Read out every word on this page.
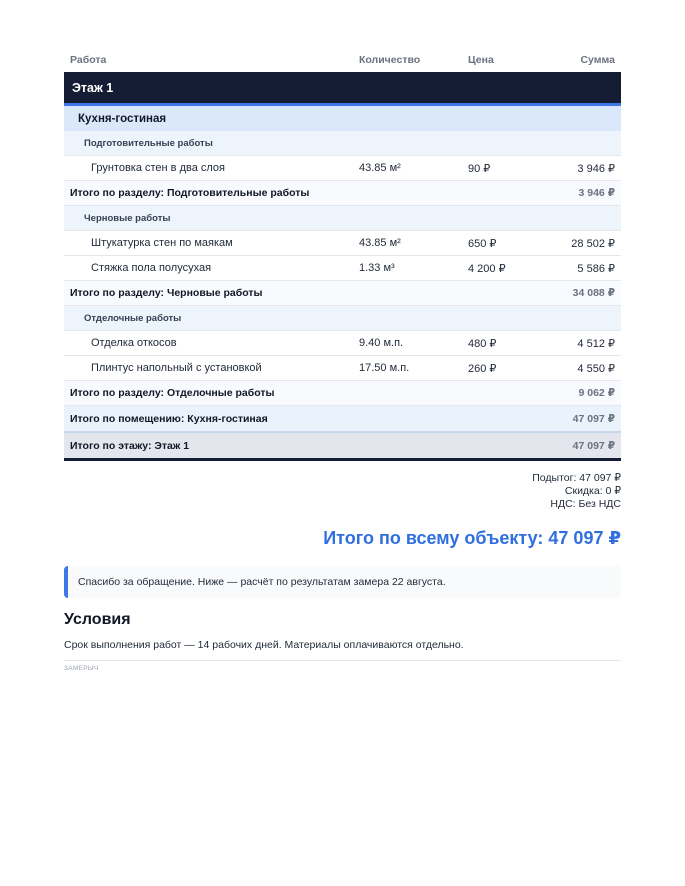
Работа	Количество	Цена	Сумма
Этаж 1			
Кухня-гостиная			
Подготовительные работы			
Грунтовка стен в два слоя	43.85 м²	90 ₽	3 946 ₽
Итого по разделу: Подготовительные работы			3 946 ₽
Черновые работы			
Штукатурка стен по маякам	43.85 м²	650 ₽	28 502 ₽
Стяжка пола полусухая	1.33 м³	4 200 ₽	5 586 ₽
Итого по разделу: Черновые работы			34 088 ₽
Отделочные работы			
Отделка откосов	9.40 м.п.	480 ₽	4 512 ₽
Плинтус напольный с установкой	17.50 м.п.	260 ₽	4 550 ₽
Итого по разделу: Отделочные работы			9 062 ₽
Итого по помещению: Кухня-гостиная			47 097 ₽
Итого по этажу: Этаж 1			47 097 ₽
Подытог: 47 097 ₽
Скидка: 0 ₽
НДС: Без НДС
Итого по всему объекту: 47 097 ₽
Спасибо за обращение. Ниже — расчёт по результатам замера 22 августа.
Условия
Срок выполнения работ — 14 рабочих дней. Материалы оплачиваются отдельно.
ЗАМЕРЫЧ
